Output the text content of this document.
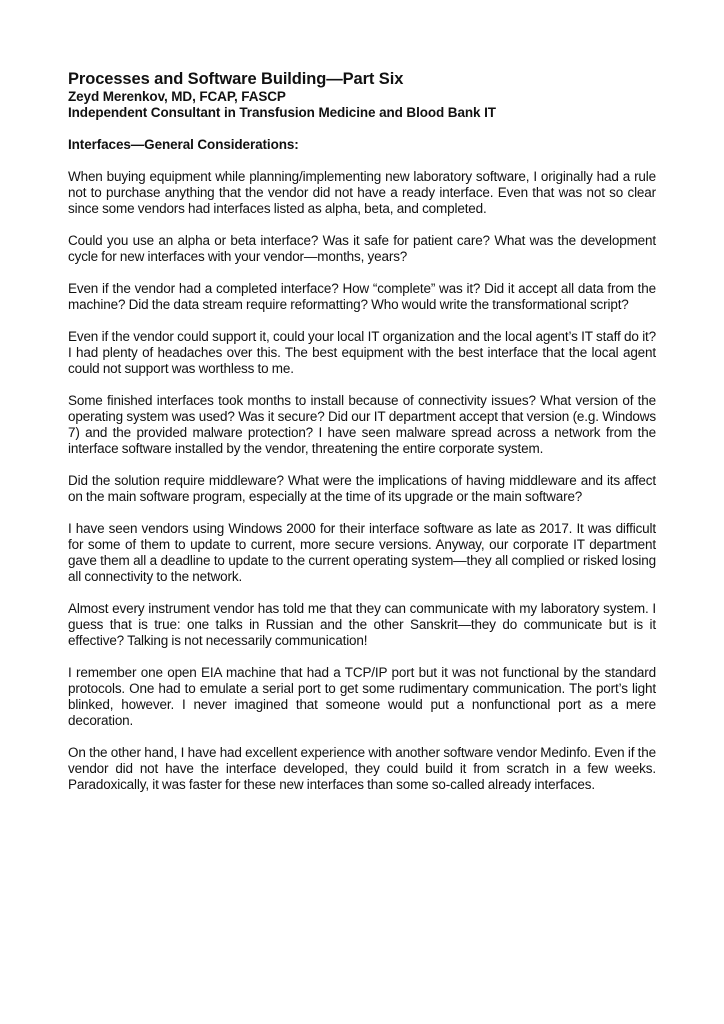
Processes and Software Building—Part Six

Zeyd Merenkov, MD, FCAP, FASCP

Independent Consultant in Transfusion Medicine and Blood Bank IT

Interfaces—General Considerations:

When buying equipment while planning/implementing new laboratory software, I originally had a rule not to purchase anything that the vendor did not have a ready interface. Even that was not so clear since some vendors had interfaces listed as alpha, beta, and completed.

Could you use an alpha or beta interface? Was it safe for patient care? What was the development cycle for new interfaces with your vendor—months, years?

Even if the vendor had a completed interface? How “complete” was it? Did it accept all data from the machine? Did the data stream require reformatting? Who would write the transformational script?

Even if the vendor could support it, could your local IT organization and the local agent’s IT staff do it? I had plenty of headaches over this. The best equipment with the best interface that the local agent could not support was worthless to me.

Some finished interfaces took months to install because of connectivity issues? What version of the operating system was used? Was it secure? Did our IT department accept that version (e.g. Windows 7) and the provided malware protection? I have seen malware spread across a network from the interface software installed by the vendor, threatening the entire corporate system.

Did the solution require middleware? What were the implications of having middleware and its affect on the main software program, especially at the time of its upgrade or the main software?

I have seen vendors using Windows 2000 for their interface software as late as 2017. It was difficult for some of them to update to current, more secure versions. Anyway, our corporate IT department gave them all a deadline to update to the current operating system—they all complied or risked losing all connectivity to the network.

Almost every instrument vendor has told me that they can communicate with my laboratory system. I guess that is true: one talks in Russian and the other Sanskrit—they do communicate but is it effective? Talking is not necessarily communication!

I remember one open EIA machine that had a TCP/IP port but it was not functional by the standard protocols. One had to emulate a serial port to get some rudimentary communication. The port’s light blinked, however. I never imagined that someone would put a nonfunctional port as a mere decoration.

On the other hand, I have had excellent experience with another software vendor Medinfo. Even if the vendor did not have the interface developed, they could build it from scratch in a few weeks. Paradoxically, it was faster for these new interfaces than some so-called already interfaces.
